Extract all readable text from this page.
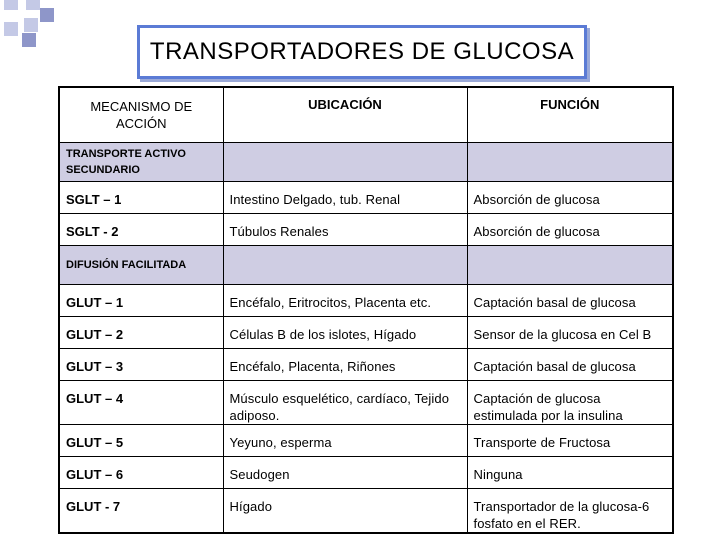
TRANSPORTADORES DE GLUCOSA
MECANISMO DE ACCIÓN	UBICACIÓN	FUNCIÓN
TRANSPORTE ACTIVO SECUNDARIO		
SGLT – 1	Intestino Delgado, tub. Renal	Absorción de glucosa
SGLT - 2	Túbulos Renales	Absorción de glucosa
DIFUSIÓN FACILITADA		
GLUT – 1	Encéfalo, Eritrocitos, Placenta etc.	Captación basal de glucosa
GLUT – 2	Células B de los islotes, Hígado	Sensor de la glucosa en Cel B
GLUT – 3	Encéfalo, Placenta, Riñones	Captación basal de glucosa
GLUT – 4	Músculo esquelético, cardíaco, Tejido adiposo.	Captación de glucosa estimulada por la insulina
GLUT – 5	Yeyuno, esperma	Transporte de Fructosa
GLUT – 6	Seudogen	Ninguna
GLUT - 7	Hígado	Transportador de la glucosa-6 fosfato en el RER.
